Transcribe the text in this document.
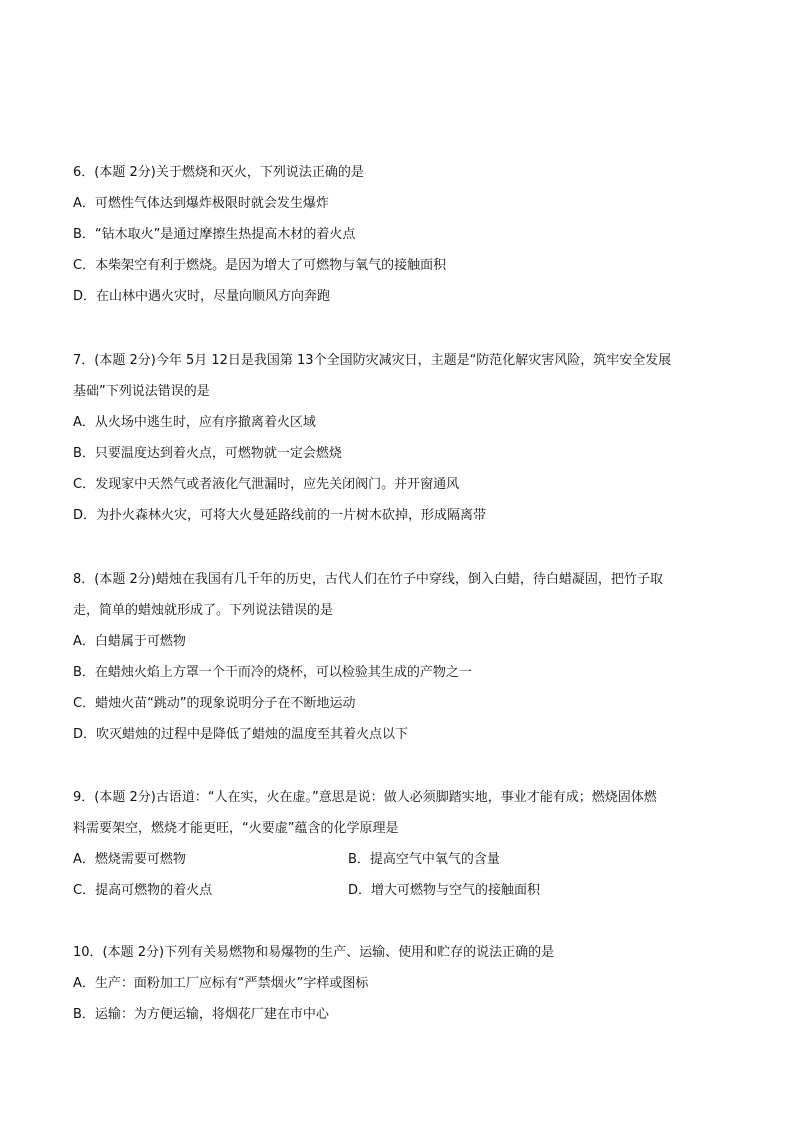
6．(本题 2分)关于燃烧和灭火，下列说法正确的是
A．可燃性气体达到爆炸极限时就会发生爆炸
B．“钻木取火”是通过摩擦生热提高木材的着火点
C．本柴架空有利于燃烧。是因为增大了可燃物与氧气的接触面积
D．在山林中遇火灾时，尽量向顺风方向奔跑
7．(本题 2分)今年 5月 12日是我国第 13个全国防灾减灾日，主题是“防范化解灾害风险，筑牢安全发展
基础”下列说法错误的是
A．从火场中逃生时，应有序撤离着火区域
B．只要温度达到着火点，可燃物就一定会燃烧
C．发现家中天然气或者液化气泄漏时，应先关闭阀门。并开窗通风
D．为扑火森林火灾，可将大火曼延路线前的一片树木砍掉，形成隔离带
8．(本题 2分)蜡烛在我国有几千年的历史，古代人们在竹子中穿线，倒入白蜡，待白蜡凝固，把竹子取
走，简单的蜡烛就形成了。下列说法错误的是
A．白蜡属于可燃物
B．在蜡烛火焰上方罩一个干而冷的烧杯，可以检验其生成的产物之一
C．蜡烛火苗“跳动”的现象说明分子在不断地运动
D．吹灭蜡烛的过程中是降低了蜡烛的温度至其着火点以下
9．(本题 2分)古语道：“人在实，火在虚。”意思是说：做人必须脚踏实地，事业才能有成；燃烧固体燃
料需要架空，燃烧才能更旺，“火要虚”蕴含的化学原理是
A．燃烧需要可燃物	B．提高空气中氧气的含量
C．提高可燃物的着火点	D．增大可燃物与空气的接触面积
10．(本题 2分)下列有关易燃物和易爆物的生产、运输、使用和贮存的说法正确的是
A．生产：面粉加工厂应标有“严禁烟火”字样或图标
B．运输：为方便运输，将烟花厂建在市中心
